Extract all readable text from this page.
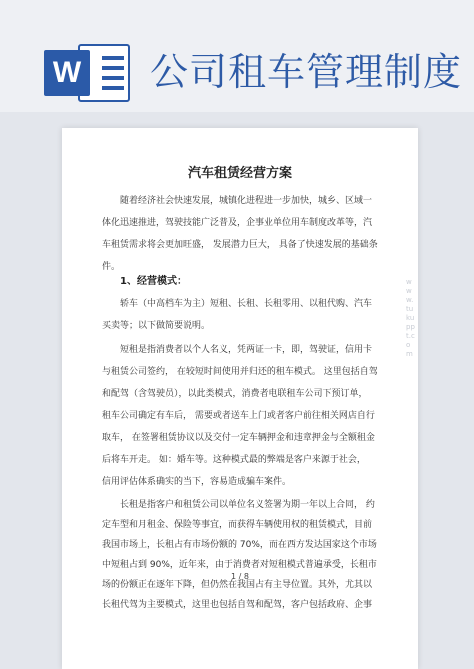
W 公司租车管理制度
汽车租赁经营方案
随着经济社会快速发展，城镇化进程进一步加快，城乡、区域一
体化迅速推进，驾驶技能广泛普及，企事业单位用车制度改革等，汽
车租赁需求将会更加旺盛， 发展潜力巨大， 具备了快速发展的基础条
件。
1、经营模式：
轿车（中高档车为主）短租、长租、长租零用、以租代购、汽车
买卖等；以下做简要说明。
短租是指消费者以个人名义，凭两证一卡，即，驾驶证，信用卡
与租赁公司签约， 在较短时间使用并归还的租车模式。 这里包括自驾
和配驾（含驾驶员），以此类模式，消费者电联租车公司下预订单，
租车公司确定有车后， 需要或者送车上门或者客户前往相关网店自行
取车， 在签署租赁协议以及交付一定车辆押金和违章押金与全额租金
后将车开走。 如：婚车等。这种模式最的弊端是客户来源于社会，
信用评估体系确实的当下，容易造成骗车案件。
长租是指客户和租赁公司以单位名义签署为期一年以上合同， 约
定车型和月租金、保险等事宜，而获得车辆使用权的租赁模式，目前
我国市场上，长租占有市场份额的 70%，而在西方发达国家这个市场
中短租占到 90%，近年来，由于消费者对短租模式普遍承受，长租市
场的份额正在逐年下降，但仍然在我国占有主导位置。其外，尤其以
长租代驾为主要模式，这里也包括自驾和配驾，客户包括政府、企事
1 / 8
www.tukuppt.com
